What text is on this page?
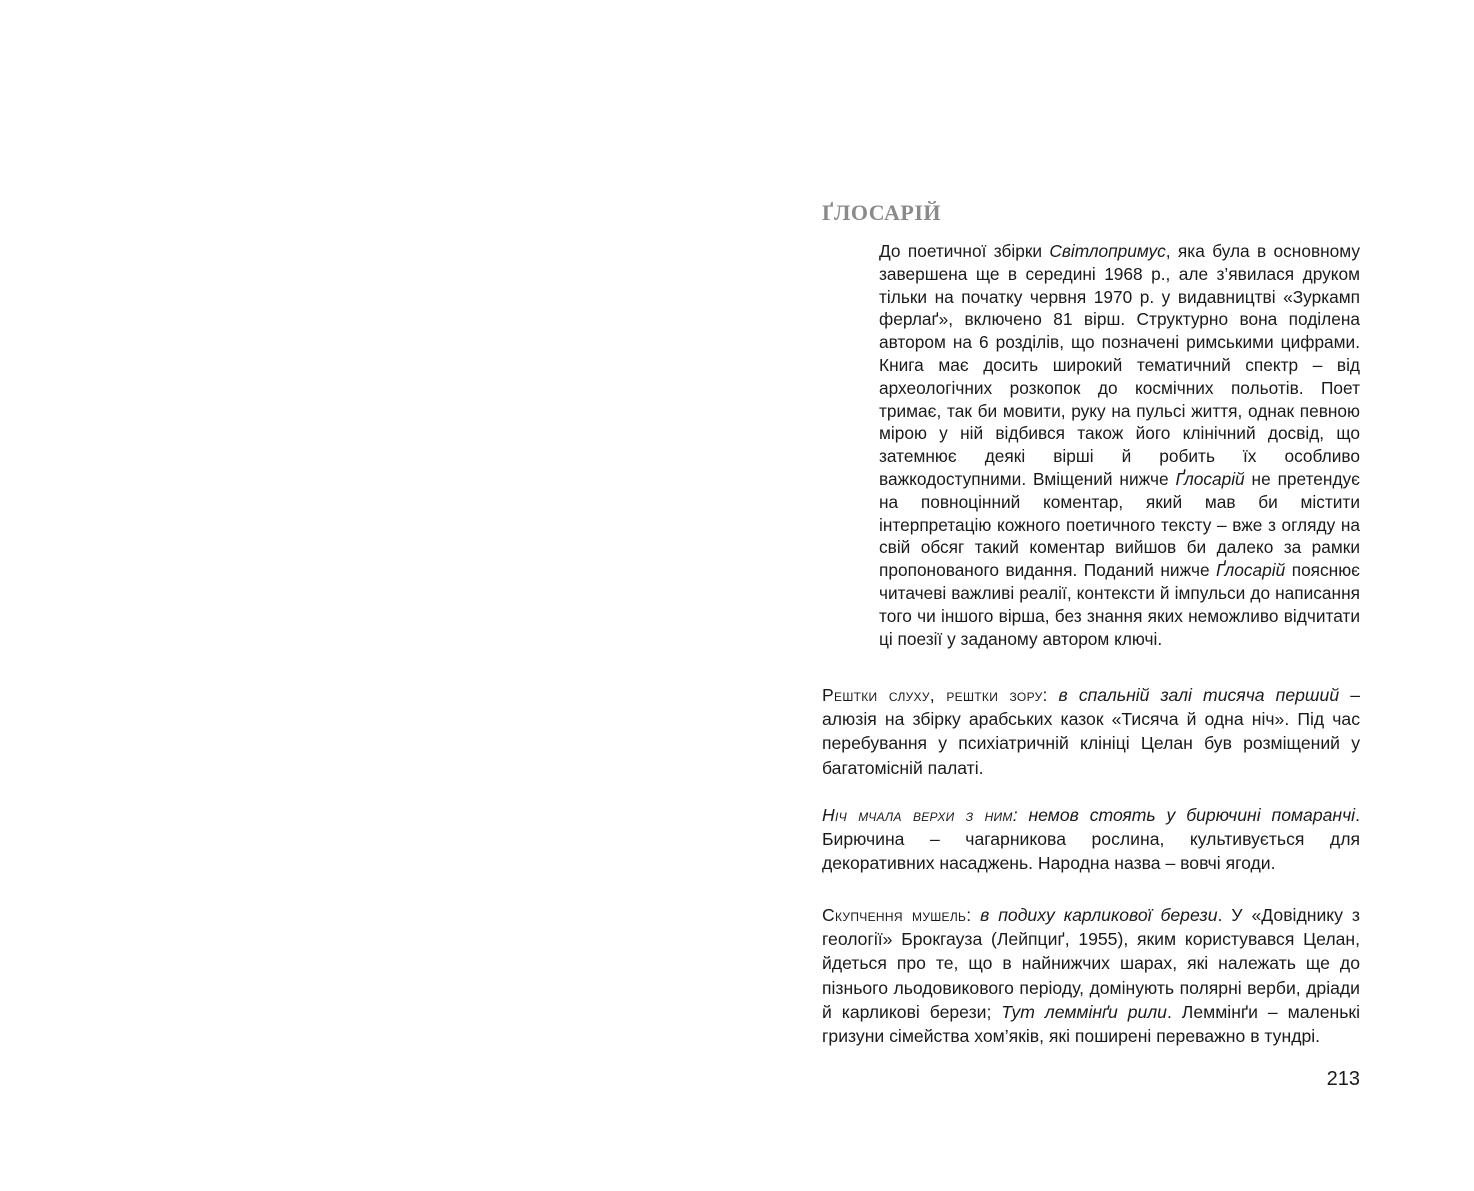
ҐЛОСАРІЙ

До поетичної збірки Світлопримус, яка була в основному завершена ще в середині 1968 р., але з’явилася друком тільки на початку червня 1970 р. у видавництві «Зуркамп ферлаґ», включено 81 вірш. Структурно вона поділена автором на 6 розділів, що позначені римськими цифрами. Книга має досить широкий тематичний спектр – від археологічних розкопок до космічних польотів. Поет тримає, так би мовити, руку на пульсі життя, однак певною мірою у ній відбився також його клінічний досвід, що затемнює деякі вірші й робить їх особливо важкодоступними. Вміщений нижче Ґлосарій не претендує на повноцінний коментар, який мав би містити інтерпретацію кожного поетичного тексту – вже з огляду на свій обсяг такий коментар вийшов би далеко за рамки пропонованого видання. Поданий нижче Ґлосарій пояснює читачеві важливі реалії, контексти й імпульси до написання того чи іншого вірша, без знання яких неможливо відчитати ці поезії у заданому автором ключі.

Рештки слуху, рештки зору: в спальній залі тисяча перший – алюзія на збірку арабських казок «Тисяча й одна ніч». Під час перебування у психіатричній клініці Целан був розміщений у багатомісній палаті.

Ніч мчала верхи з ним: немов стоять у бирючині помаранчі. Бирючина – чагарникова рослина, культивується для декоративних насаджень. Народна назва – вовчі ягоди.

Скупчення мушель: в подиху карликової берези. У «Довіднику з геології» Брокгауза (Лейпциґ, 1955), яким користувався Целан, йдеться про те, що в найнижчих шарах, які належать ще до пізнього льодовикового періоду, домінують полярні верби, дріади й карликові берези; Тут леммінґи рили. Леммінґи – маленькі гризуни сімейства хом’яків, які поширені переважно в тундрі.

213
